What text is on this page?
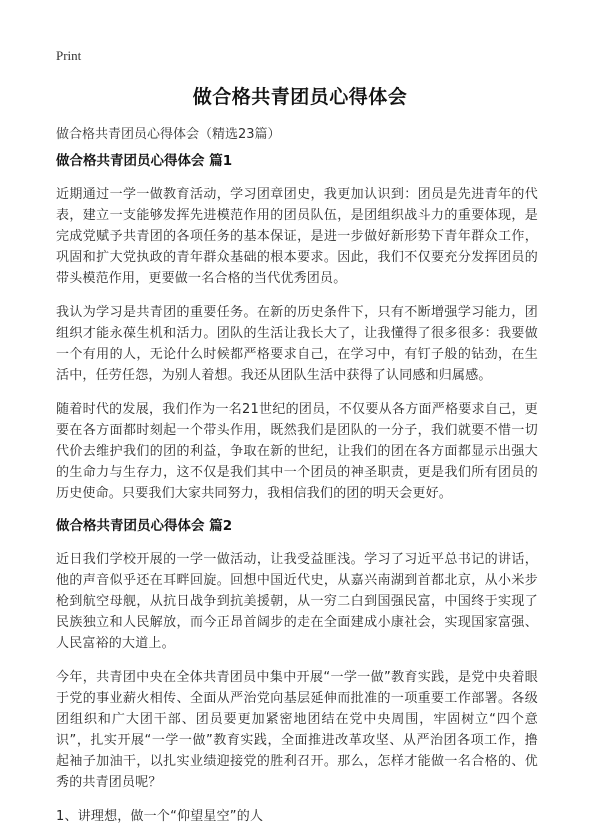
Print
做合格共青团员心得体会

做合格共青团员心得体会（精选23篇）

做合格共青团员心得体会 篇1

近期通过一学一做教育活动，学习团章团史，我更加认识到：团员是先进青年的代表，建立一支能够发挥先进模范作用的团员队伍，是团组织战斗力的重要体现，是完成党赋予共青团的各项任务的基本保证，是进一步做好新形势下青年群众工作，巩固和扩大党执政的青年群众基础的根本要求。因此，我们不仅要充分发挥团员的带头模范作用，更要做一名合格的当代优秀团员。

我认为学习是共青团的重要任务。在新的历史条件下，只有不断增强学习能力，团组织才能永葆生机和活力。团队的生活让我长大了，让我懂得了很多很多：我要做一个有用的人，无论什么时候都严格要求自己，在学习中，有钉子般的钻劲，在生活中，任劳任怨，为别人着想。我还从团队生活中获得了认同感和归属感。

随着时代的发展，我们作为一名21世纪的团员，不仅要从各方面严格要求自己，更要在各方面都时刻起一个带头作用，既然我们是团队的一分子，我们就要不惜一切代价去维护我们的团的利益，争取在新的世纪，让我们的团在各方面都显示出强大的生命力与生存力，这不仅是我们其中一个团员的神圣职责，更是我们所有团员的历史使命。只要我们大家共同努力，我相信我们的团的明天会更好。

做合格共青团员心得体会 篇2

近日我们学校开展的一学一做活动，让我受益匪浅。学习了习近平总书记的讲话，他的声音似乎还在耳畔回旋。回想中国近代史，从嘉兴南湖到首都北京，从小米步枪到航空母舰，从抗日战争到抗美援朝，从一穷二白到国强民富，中国终于实现了民族独立和人民解放，而今正昂首阔步的走在全面建成小康社会，实现国家富强、人民富裕的大道上。

今年，共青团中央在全体共青团员中集中开展“一学一做”教育实践，是党中央着眼于党的事业薪火相传、全面从严治党向基层延伸而批准的一项重要工作部署。各级团组织和广大团干部、团员要更加紧密地团结在党中央周围，牢固树立“四个意识”，扎实开展“一学一做”教育实践，全面推进改革攻坚、从严治团各项工作，撸起袖子加油干，以扎实业绩迎接党的胜利召开。那么，怎样才能做一名合格的、优秀的共青团员呢？

1、讲理想，做一个“仰望星空”的人
